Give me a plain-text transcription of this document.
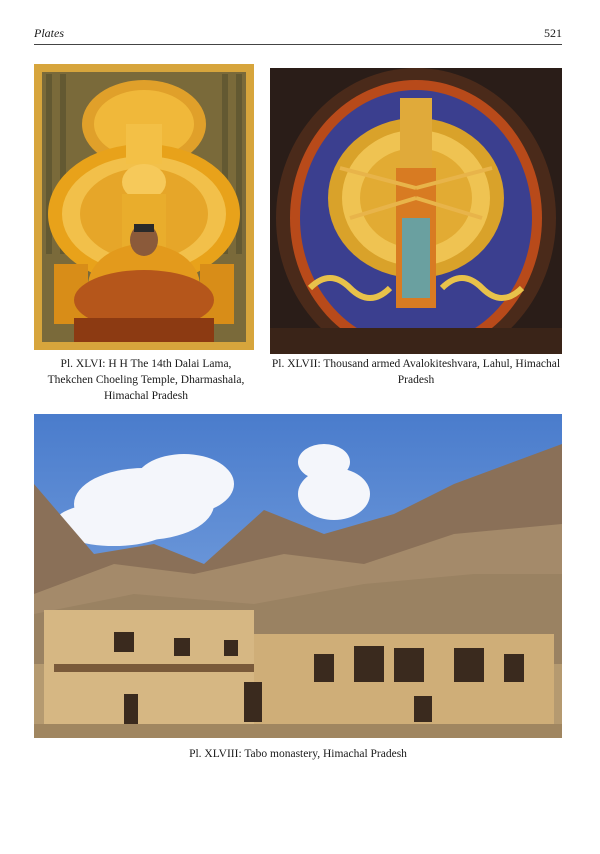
Plates	521
Pl. XLVI: H H The 14th Dalai Lama,
Thekchen Choeling Temple, Dharmashala,
Himachal Pradesh
Pl. XLVII: Thousand armed Avalokiteshvara, Lahul, Himachal
Pradesh
Pl. XLVIII: Tabo monastery, Himachal Pradesh
